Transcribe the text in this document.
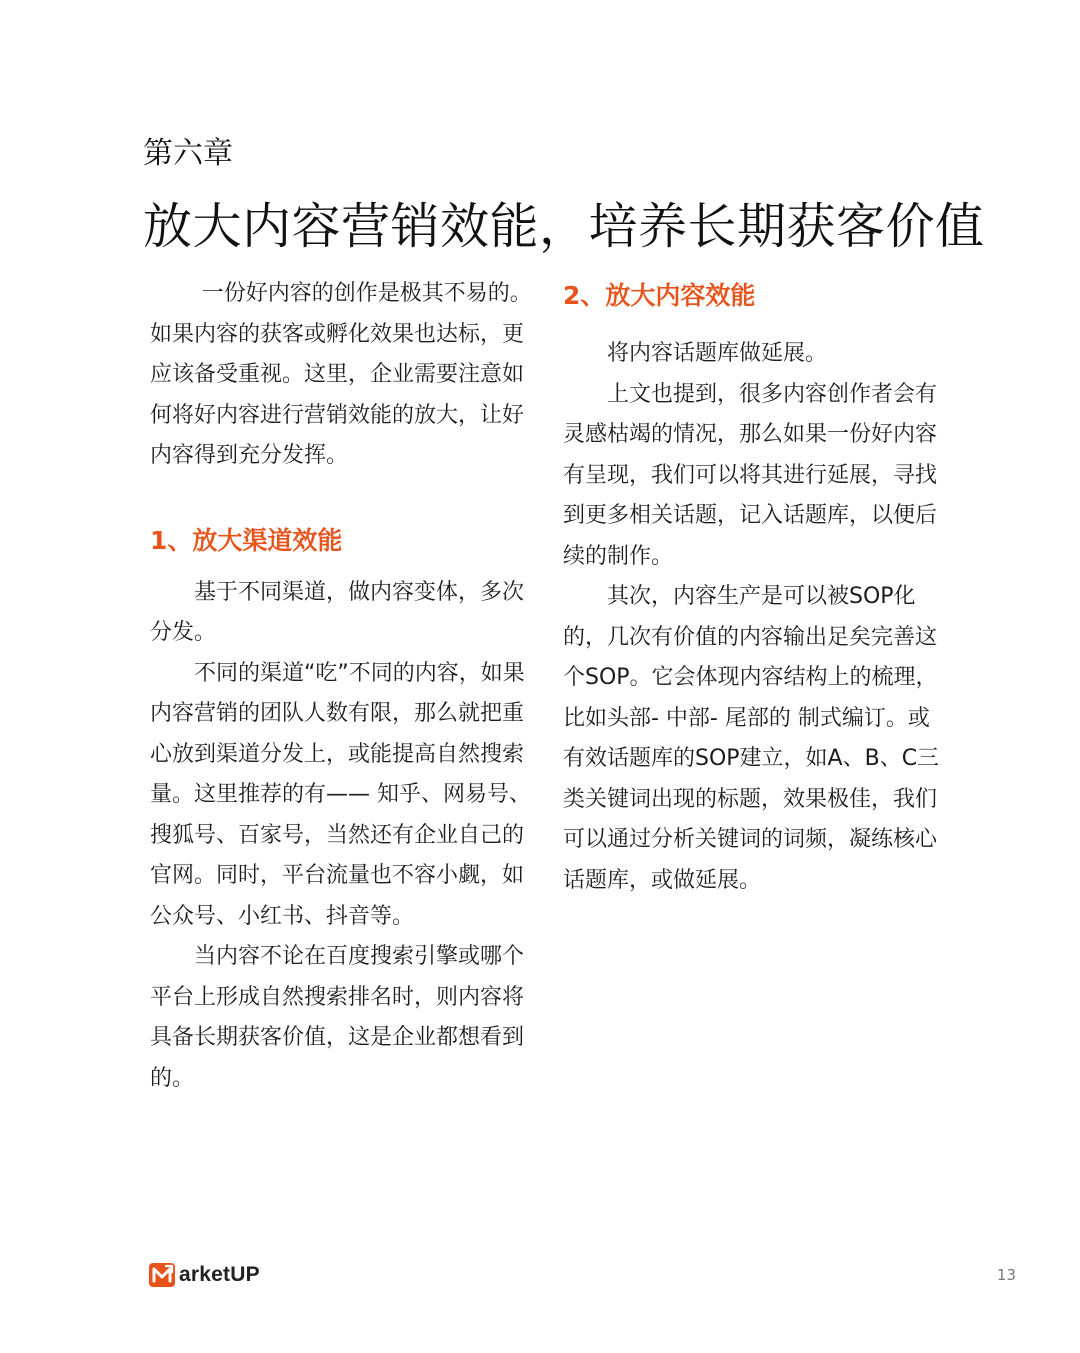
第六章
放大内容营销效能，培养长期获客价值

一份好内容的创作是极其不易的。如果内容的获客或孵化效果也达标，更应该备受重视。这里，企业需要注意如何将好内容进行营销效能的放大，让好内容得到充分发挥。

1、放大渠道效能

基于不同渠道，做内容变体，多次分发。

不同的渠道“吃”不同的内容，如果内容营销的团队人数有限，那么就把重心放到渠道分发上，或能提高自然搜索量。这里推荐的有—— 知乎、网易号、搜狐号、百家号，当然还有企业自己的官网。同时，平台流量也不容小觑，如公众号、小红书、抖音等。

当内容不论在百度搜索引擎或哪个平台上形成自然搜索排名时，则内容将具备长期获客价值，这是企业都想看到的。

2、放大内容效能

将内容话题库做延展。

上文也提到，很多内容创作者会有灵感枯竭的情况，那么如果一份好内容有呈现，我们可以将其进行延展，寻找到更多相关话题，记入话题库，以便后续的制作。

其次，内容生产是可以被SOP化的，几次有价值的内容输出足矣完善这个SOP。它会体现内容结构上的梳理，比如头部- 中部- 尾部的 制式编订。或有效话题库的SOP建立，如A、B、C三类关键词出现的标题，效果极佳，我们可以通过分析关键词的词频，凝练核心话题库，或做延展。

arketUP	13
